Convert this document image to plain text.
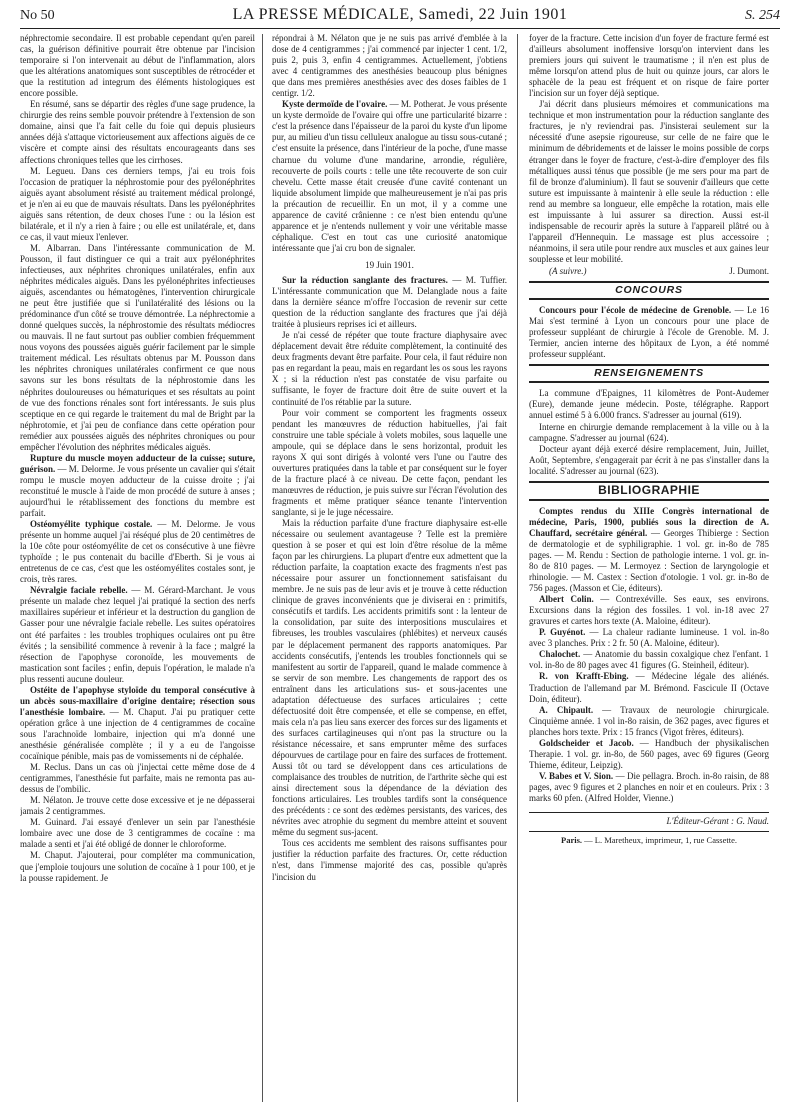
No 50	LA PRESSE MÉDICALE, Samedi, 22 Juin 1901	S. 254

néphrectomie secondaire. Il est probable cependant qu'en pareil cas, la guérison définitive pourrait être obtenue par l'incision temporaire si l'on intervenait au début de l'inflammation, alors que les altérations anatomiques sont susceptibles de rétrocéder et que la restitution ad integrum des éléments histologiques est encore possible.

En résumé, sans se départir des règles d'une sage prudence, la chirurgie des reins semble pouvoir prétendre à l'extension de son domaine, ainsi que l'a fait celle du foie qui depuis plusieurs années déjà s'attaque victorieusement aux affections aiguës de ce viscère et compte ainsi des résultats encourageants dans ses affections chroniques telles que les cirrhoses.

M. Legueu. Dans ces derniers temps, j'ai eu trois fois l'occasion de pratiquer la néphrostomie pour des pyélonéphrites aiguës ayant absolument résisté au traitement médical prolongé, et je n'en ai eu que de mauvais résultats. Dans les pyélonéphrites aiguës sans rétention, de deux choses l'une : ou la lésion est bilatérale, et il n'y a rien à faire ; ou elle est unilatérale, et, dans ce cas, il vaut mieux l'enlever.

M. Albarran. Dans l'intéressante communication de M. Pousson, il faut distinguer ce qui a trait aux pyélonéphrites infectieuses, aux néphrites chroniques unilatérales, enfin aux néphrites médicales aiguës. Dans les pyélonéphrites infectieuses aiguës, ascendantes ou hématogènes, l'intervention chirurgicale ne peut être justifiée que si l'unilatéralité des lésions ou la prédominance d'un côté se trouve démontrée. La néphrectomie a donné quelques succès, la néphrostomie des résultats médiocres ou mauvais. Il ne faut surtout pas oublier combien fréquemment nous voyons des poussées aiguës guérir facilement par le simple traitement médical. Les résultats obtenus par M. Pousson dans les néphrites chroniques unilatérales confirment ce que nous savons sur les bons résultats de la néphrostomie dans les néphrites douloureuses ou hématuriques et ses résultats au point de vue des fonctions rénales sont fort intéressants. Je suis plus sceptique en ce qui regarde le traitement du mal de Bright par la néphrotomie, et j'ai peu de confiance dans cette opération pour remédier aux poussées aiguës des néphrites chroniques ou pour empêcher l'évolution des néphrites médicales aiguës.

Rupture du muscle moyen adducteur de la cuisse; suture, guérison. — M. Delorme. Je vous présente un cavalier qui s'était rompu le muscle moyen adducteur de la cuisse droite ; j'ai reconstitué le muscle à l'aide de mon procédé de suture à anses ; aujourd'hui le rétablissement des fonctions du membre est parfait.

Ostéomyélite typhique costale. — M. Delorme. Je vous présente un homme auquel j'ai réséqué plus de 20 centimètres de la 10e côte pour ostéomyélite de cet os consécutive à une fièvre typhoïde ; le pus contenait du bacille d'Eberth. Si je vous ai entretenus de ce cas, c'est que les ostéomyélites costales sont, je crois, très rares.

Névralgie faciale rebelle. — M. Gérard-Marchant. Je vous présente un malade chez lequel j'ai pratiqué la section des nerfs maxillaires supérieur et inférieur et la destruction du ganglion de Gasser pour une névralgie faciale rebelle. Les suites opératoires ont été parfaites : les troubles trophiques oculaires ont pu être évités ; la sensibilité commence à revenir à la face ; malgré la résection de l'apophyse coronoïde, les mouvements de mastication sont faciles ; enfin, depuis l'opération, le malade n'a plus ressenti aucune douleur.

Ostéite de l'apophyse styloïde du temporal consécutive à un abcès sous-maxillaire d'origine dentaire; résection sous l'anesthésie lombaire. — M. Chaput. J'ai pu pratiquer cette opération grâce à une injection de 4 centigrammes de cocaïne sous l'arachnoïde lombaire, injection qui m'a donné une anesthésie généralisée complète ; il y a eu de l'angoisse cocaïnique pénible, mais pas de vomissements ni de céphalée.

M. Reclus. Dans un cas où j'injectai cette même dose de 4 centigrammes, l'anesthésie fut parfaite, mais ne remonta pas au-dessus de l'ombilic.

M. Nélaton. Je trouve cette dose excessive et je ne dépasserai jamais 2 centigrammes.

M. Guinard. J'ai essayé d'enlever un sein par l'anesthésie lombaire avec une dose de 3 centigrammes de cocaïne : ma malade a senti et j'ai été obligé de donner le chloroforme.

M. Chaput. J'ajouterai, pour compléter ma communication, que j'emploie toujours une solution de cocaïne à 1 pour 100, et je la pousse rapidement. Je

répondrai à M. Nélaton que je ne suis pas arrivé d'emblée à la dose de 4 centigrammes ; j'ai commencé par injecter 1 cent. 1/2, puis 2, puis 3, enfin 4 centigrammes. Actuellement, j'obtiens avec 4 centigrammes des anesthésies beaucoup plus bénignes que dans mes premières anesthésies avec des doses faibles de 1 centigr. 1/2.

Kyste dermoïde de l'ovaire. — M. Potherat. Je vous présente un kyste dermoïde de l'ovaire qui offre une particularité bizarre : c'est la présence dans l'épaisseur de la paroi du kyste d'un lipome pur, au milieu d'un tissu celluleux analogue au tissu sous-cutané ; c'est ensuite la présence, dans l'intérieur de la poche, d'une masse charnue du volume d'une mandarine, arrondie, régulière, recouverte de poils courts : telle une tête recouverte de son cuir chevelu. Cette masse était creusée d'une cavité contenant un liquide absolument limpide que malheureusement je n'ai pas pris la précaution de recueillir. En un mot, il y a comme une apparence de cavité crânienne : ce n'est bien entendu qu'une apparence et je n'entends nullement y voir une véritable masse céphalique. C'est en tout cas une curiosité anatomique intéressante que j'ai cru bon de signaler.

19 Juin 1901.

Sur la réduction sanglante des fractures. — M. Tuffier. L'intéressante communication que M. Delanglade nous a faite dans la dernière séance m'offre l'occasion de revenir sur cette question de la réduction sanglante des fractures que j'ai déjà traitée à plusieurs reprises ici et ailleurs.

Je n'ai cessé de répéter que toute fracture diaphysaire avec déplacement devait être réduite complètement, la continuité des deux fragments devant être parfaite. Pour cela, il faut réduire non pas en regardant la peau, mais en regardant les os sous les rayons X ; si la réduction n'est pas constatée de visu parfaite ou suffisante, le foyer de fracture doit être de suite ouvert et la continuité de l'os rétablie par la suture.

Pour voir comment se comportent les fragments osseux pendant les manœuvres de réduction habituelles, j'ai fait construire une table spéciale à volets mobiles, sous laquelle une ampoule, qui se déplace dans le sens horizontal, produit les rayons X qui sont dirigés à volonté vers l'une ou l'autre des ouvertures pratiquées dans la table et par conséquent sur le foyer de la fracture placé à ce niveau. De cette façon, pendant les manœuvres de réduction, je puis suivre sur l'écran l'évolution des fragments et même pratiquer séance tenante l'intervention sanglante, si je le juge nécessaire.

Mais la réduction parfaite d'une fracture diaphysaire est-elle nécessaire ou seulement avantageuse ? Telle est la première question à se poser et qui est loin d'être résolue de la même façon par les chirurgiens. La plupart d'entre eux admettent que la réduction parfaite, la coaptation exacte des fragments n'est pas nécessaire pour assurer un fonctionnement satisfaisant du membre. Je ne suis pas de leur avis et je trouve à cette réduction clinique de graves inconvénients que je diviserai en : primitifs, consécutifs et tardifs. Les accidents primitifs sont : la lenteur de la consolidation, par suite des interpositions musculaires et fibreuses, les troubles vasculaires (phlébites) et nerveux causés par le déplacement permanent des rapports anatomiques. Par accidents consécutifs, j'entends les troubles fonctionnels qui se manifestent au sortir de l'appareil, quand le malade commence à se servir de son membre. Les changements de rapport des os entraînent dans les articulations sus- et sous-jacentes une adaptation défectueuse des surfaces articulaires ; cette défectuosité doit être compensée, et elle se compense, en effet, mais cela n'a pas lieu sans exercer des forces sur des ligaments et des surfaces cartilagineuses qui n'ont pas la structure ou la résistance nécessaire, et sans emprunter même des surfaces dépourvues de cartilage pour en faire des surfaces de frottement. Aussi tôt ou tard se développent dans ces articulations de complaisance des troubles de nutrition, de l'arthrite sèche qui est ainsi directement sous la dépendance de la déviation des fonctions articulaires. Les troubles tardifs sont la conséquence des précédents : ce sont des œdèmes persistants, des varices, des névrites avec atrophie du segment du membre atteint et souvent même du segment sus-jacent.

Tous ces accidents me semblent des raisons suffisantes pour justifier la réduction parfaite des fractures. Or, cette réduction n'est, dans l'immense majorité des cas, possible qu'après l'incision du

foyer de la fracture. Cette incision d'un foyer de fracture fermé est d'ailleurs absolument inoffensive lorsqu'on intervient dans les premiers jours qui suivent le traumatisme ; il n'en est plus de même lorsqu'on attend plus de huit ou quinze jours, car alors le sphacèle de la peau est fréquent et on risque de faire porter l'incision sur un foyer déjà septique.

J'ai décrit dans plusieurs mémoires et communications ma technique et mon instrumentation pour la réduction sanglante des fractures, je n'y reviendrai pas. J'insisterai seulement sur la nécessité d'une asepsie rigoureuse, sur celle de ne faire que le minimum de débridements et de laisser le moins possible de corps étranger dans le foyer de fracture, c'est-à-dire d'employer des fils métalliques aussi ténus que possible (je me sers pour ma part de fil de bronze d'aluminium). Il faut se souvenir d'ailleurs que cette suture est impuissante à maintenir à elle seule la réduction : elle rend au membre sa longueur, elle empêche la rotation, mais elle est impuissante à lui assurer sa direction. Aussi est-il indispensable de recourir après la suture à l'appareil plâtré ou à l'appareil d'Hennequin. Le massage est plus accessoire ; néanmoins, il sera utile pour rendre aux muscles et aux gaines leur souplesse et leur mobilité.

(A suivre.)	J. Dumont.
CONCOURS

Concours pour l'école de médecine de Grenoble. — Le 16 Mai s'est terminé à Lyon un concours pour une place de professeur suppléant de chirurgie à l'école de Grenoble. M. J. Termier, ancien interne des hôpitaux de Lyon, a été nommé professeur suppléant.

RENSEIGNEMENTS

La commune d'Epaignes, 11 kilomètres de Pont-Audemer (Eure), demande jeune médecin. Poste, télégraphe. Rapport annuel estimé 5 à 6.000 francs. S'adresser au journal (619).

Interne en chirurgie demande remplacement à la ville ou à la campagne. S'adresser au journal (624).

Docteur ayant déjà exercé désire remplacement, Juin, Juillet, Août, Septembre, s'engagerait par écrit à ne pas s'installer dans la localité. S'adresser au journal (623).

BIBLIOGRAPHIE

Comptes rendus du XIIIe Congrès international de médecine, Paris, 1900, publiés sous la direction de A. Chauffard, secrétaire général. — Georges Thibierge : Section de dermatologie et de syphiligraphie. 1 vol. gr. in-8o de 785 pages. — M. Rendu : Section de pathologie interne. 1 vol. gr. in-8o de 810 pages. — M. Lermoyez : Section de laryngologie et rhinologie. — M. Castex : Section d'otologie. 1 vol. gr. in-8o de 756 pages. (Masson et Cie, éditeurs).

Albert Colin. — Contrexéville. Ses eaux, ses environs. Excursions dans la région des fossiles. 1 vol. in-18 avec 27 gravures et cartes hors texte (A. Maloine, éditeur).

P. Guyénot. — La chaleur radiante lumineuse. 1 vol. in-8o avec 3 planches. Prix : 2 fr. 50 (A. Maloine, éditeur).

Chalochet. — Anatomie du bassin coxalgique chez l'enfant. 1 vol. in-8o de 80 pages avec 41 figures (G. Steinheil, éditeur).

R. von Krafft-Ebing. — Médecine légale des aliénés. Traduction de l'allemand par M. Brémond. Fascicule II (Octave Doin, éditeur).

A. Chipault. — Travaux de neurologie chirurgicale. Cinquième année. 1 vol in-8o raisin, de 362 pages, avec figures et planches hors texte. Prix : 15 francs (Vigot frères, éditeurs).

Goldscheider et Jacob. — Handbuch der physikalischen Therapie. 1 vol. gr. in-8o, de 560 pages, avec 69 figures (Georg Thieme, éditeur, Leipzig).

V. Babes et V. Sion. — Die pellagra. Broch. in-8o raisin, de 88 pages, avec 9 figures et 2 planches en noir et en couleurs. Prix : 3 marks 60 pfen. (Alfred Holder, Vienne.)

L'Éditeur-Gérant : G. Naud.

Paris. — L. Maretheux, imprimeur, 1, rue Cassette.
